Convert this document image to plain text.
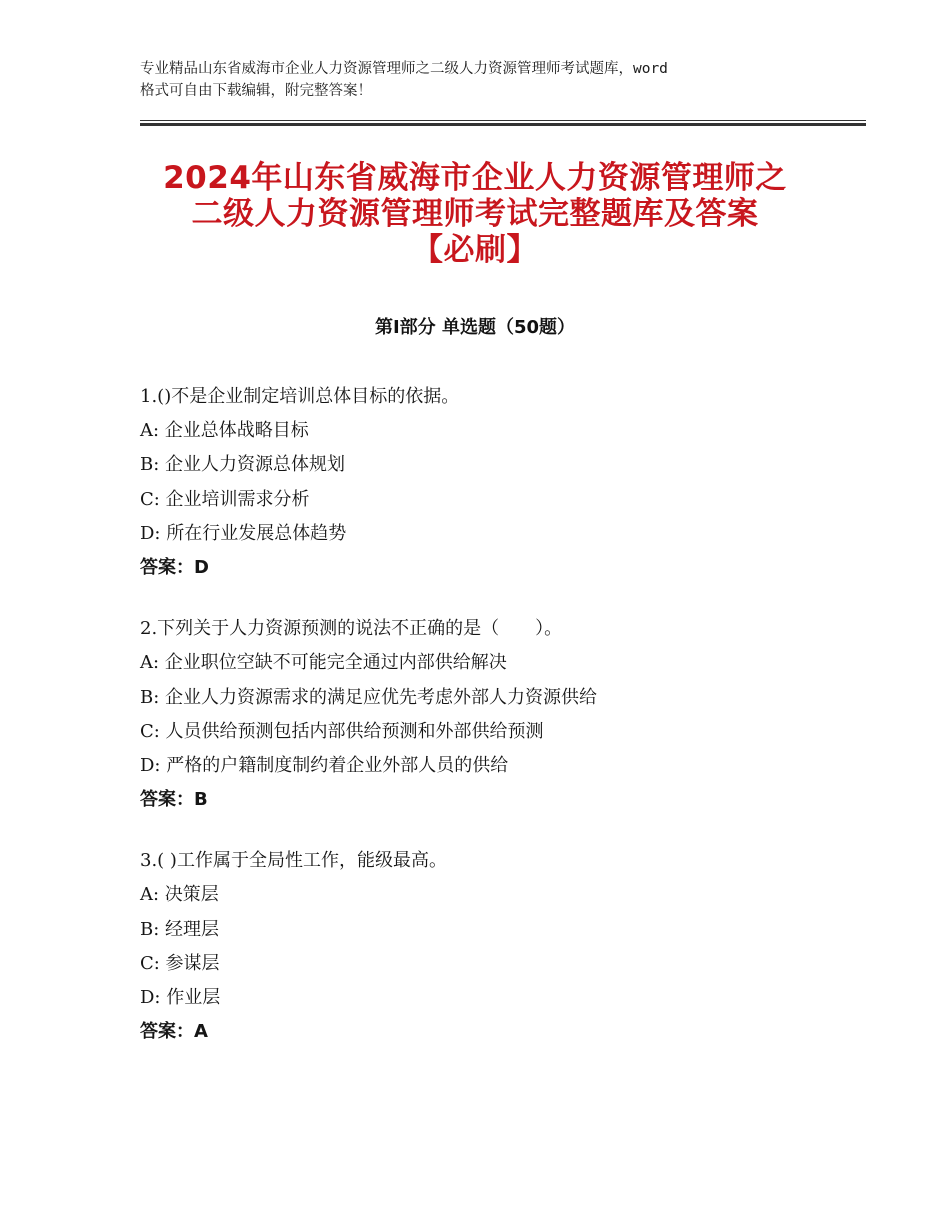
专业精品山东省威海市企业人力资源管理师之二级人力资源管理师考试题库，word
格式可自由下载编辑，附完整答案！
2024年山东省威海市企业人力资源管理师之
二级人力资源管理师考试完整题库及答案
【必刷】
第Ⅰ部分 单选题（50题）
1.()不是企业制定培训总体目标的依据。
A: 企业总体战略目标
B: 企业人力资源总体规划
C: 企业培训需求分析
D: 所在行业发展总体趋势
答案：D
2.下列关于人力资源预测的说法不正确的是（　　）。
A: 企业职位空缺不可能完全通过内部供给解决
B: 企业人力资源需求的满足应优先考虑外部人力资源供给
C: 人员供给预测包括内部供给预测和外部供给预测
D: 严格的户籍制度制约着企业外部人员的供给
答案：B
3.( )工作属于全局性工作，能级最高。
A: 决策层
B: 经理层
C: 参谋层
D: 作业层
答案：A
